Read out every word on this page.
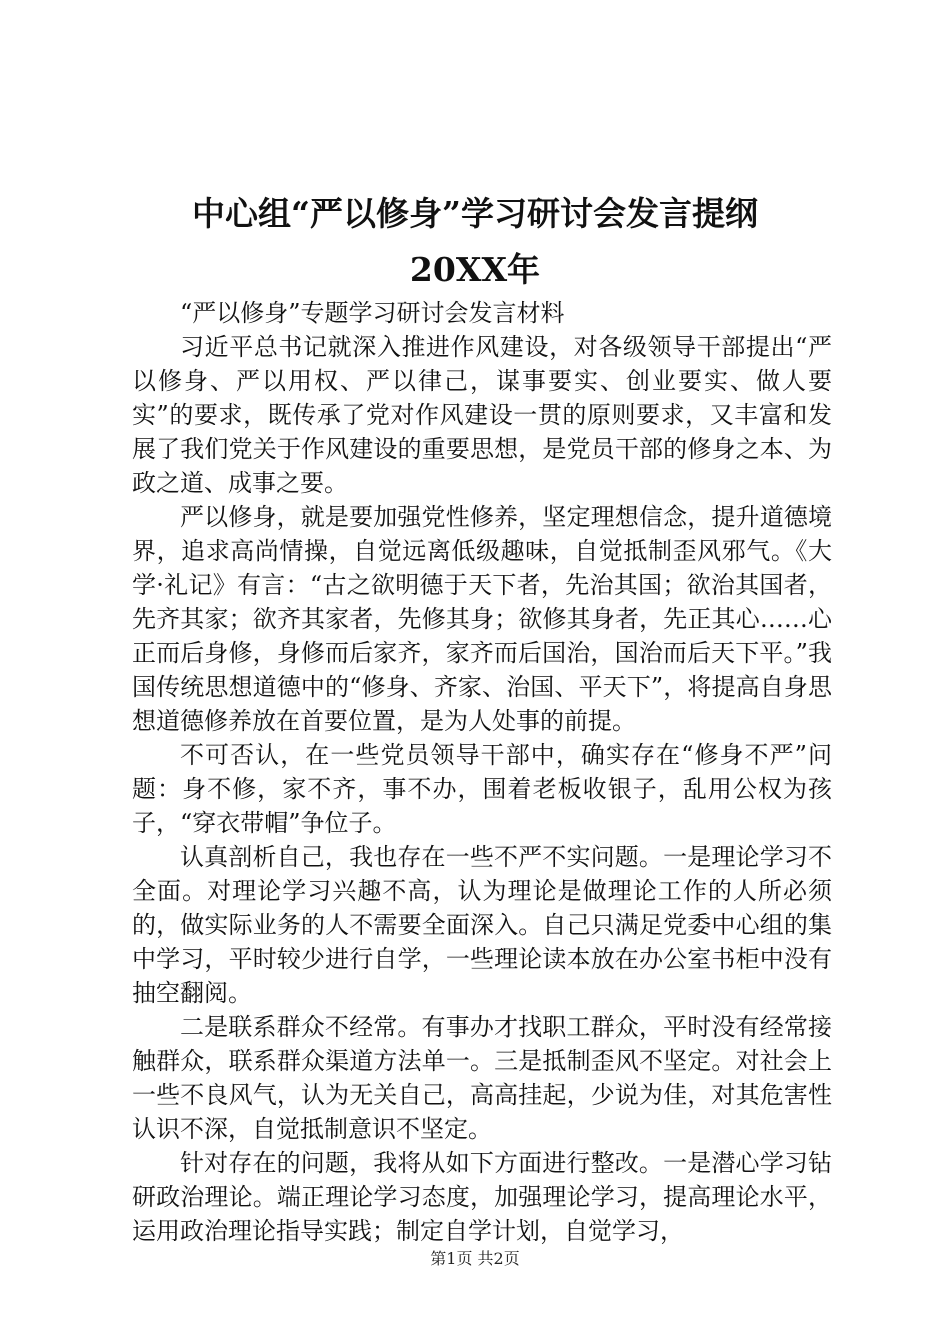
中心组“严以修身”学习研讨会发言提纲
20XX年

“严以修身”专题学习研讨会发言材料

习近平总书记就深入推进作风建设，对各级领导干部提出“严以修身、严以用权、严以律己，谋事要实、创业要实、做人要实”的要求，既传承了党对作风建设一贯的原则要求，又丰富和发展了我们党关于作风建设的重要思想，是党员干部的修身之本、为政之道、成事之要。

严以修身，就是要加强党性修养，坚定理想信念，提升道德境界，追求高尚情操，自觉远离低级趣味，自觉抵制歪风邪气。《大学·礼记》有言：“古之欲明德于天下者，先治其国；欲治其国者，先齐其家；欲齐其家者，先修其身；欲修其身者，先正其心……心正而后身修，身修而后家齐，家齐而后国治，国治而后天下平。”我国传统思想道德中的“修身、齐家、治国、平天下”，将提高自身思想道德修养放在首要位置，是为人处事的前提。

不可否认，在一些党员领导干部中，确实存在“修身不严”问题：身不修，家不齐，事不办，围着老板收银子，乱用公权为孩子，“穿衣带帽”争位子。

认真剖析自己，我也存在一些不严不实问题。一是理论学习不全面。对理论学习兴趣不高，认为理论是做理论工作的人所必须的，做实际业务的人不需要全面深入。自己只满足党委中心组的集中学习，平时较少进行自学，一些理论读本放在办公室书柜中没有抽空翻阅。

二是联系群众不经常。有事办才找职工群众，平时没有经常接触群众，联系群众渠道方法单一。三是抵制歪风不坚定。对社会上一些不良风气，认为无关自己，高高挂起，少说为佳，对其危害性认识不深，自觉抵制意识不坚定。

针对存在的问题，我将从如下方面进行整改。一是潜心学习钻研政治理论。端正理论学习态度，加强理论学习，提高理论水平，运用政治理论指导实践；制定自学计划，自觉学习，

第1页 共2页
